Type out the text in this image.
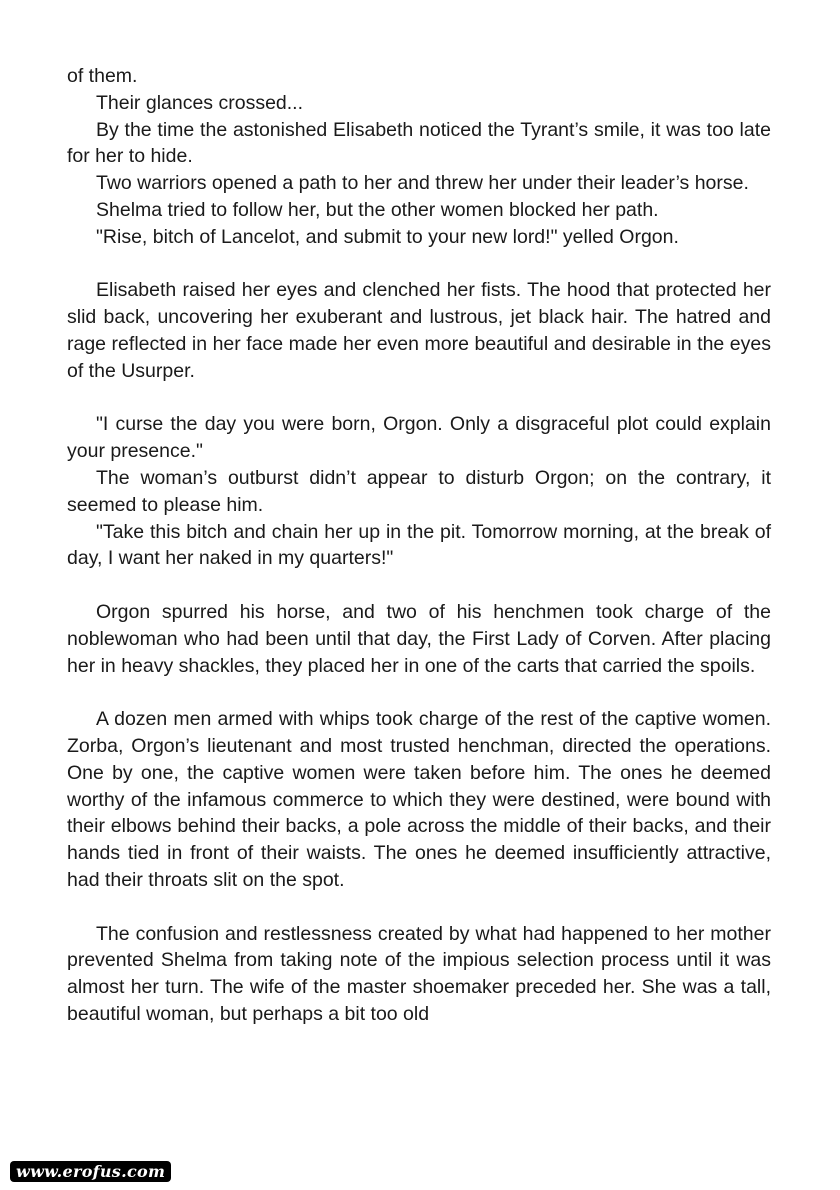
of them.

Their glances crossed...

By the time the astonished Elisabeth noticed the Tyrant’s smile, it was too late for her to hide.

Two warriors opened a path to her and threw her under their leader’s horse.

Shelma tried to follow her, but the other women blocked her path.

"Rise, bitch of Lancelot, and submit to your new lord!" yelled Orgon.

Elisabeth raised her eyes and clenched her fists. The hood that protected her slid back, uncovering her exuberant and lustrous, jet black hair. The hatred and rage reflected in her face made her even more beautiful and desirable in the eyes of the Usurper.

"I curse the day you were born, Orgon. Only a disgraceful plot could explain your presence."

The woman’s outburst didn’t appear to disturb Orgon; on the contrary, it seemed to please him.

"Take this bitch and chain her up in the pit. Tomorrow morning, at the break of day, I want her naked in my quarters!"

Orgon spurred his horse, and two of his henchmen took charge of the noblewoman who had been until that day, the First Lady of Corven. After placing her in heavy shackles, they placed her in one of the carts that carried the spoils.

A dozen men armed with whips took charge of the rest of the captive women. Zorba, Orgon’s lieutenant and most trusted henchman, directed the operations. One by one, the captive women were taken before him. The ones he deemed worthy of the infamous commerce to which they were destined, were bound with their elbows behind their backs, a pole across the middle of their backs, and their hands tied in front of their waists. The ones he deemed insufficiently attractive, had their throats slit on the spot.

The confusion and restlessness created by what had happened to her mother prevented Shelma from taking note of the impious selection process until it was almost her turn. The wife of the master shoemaker preceded her. She was a tall, beautiful woman, but perhaps a bit too old

www.erofus.com
